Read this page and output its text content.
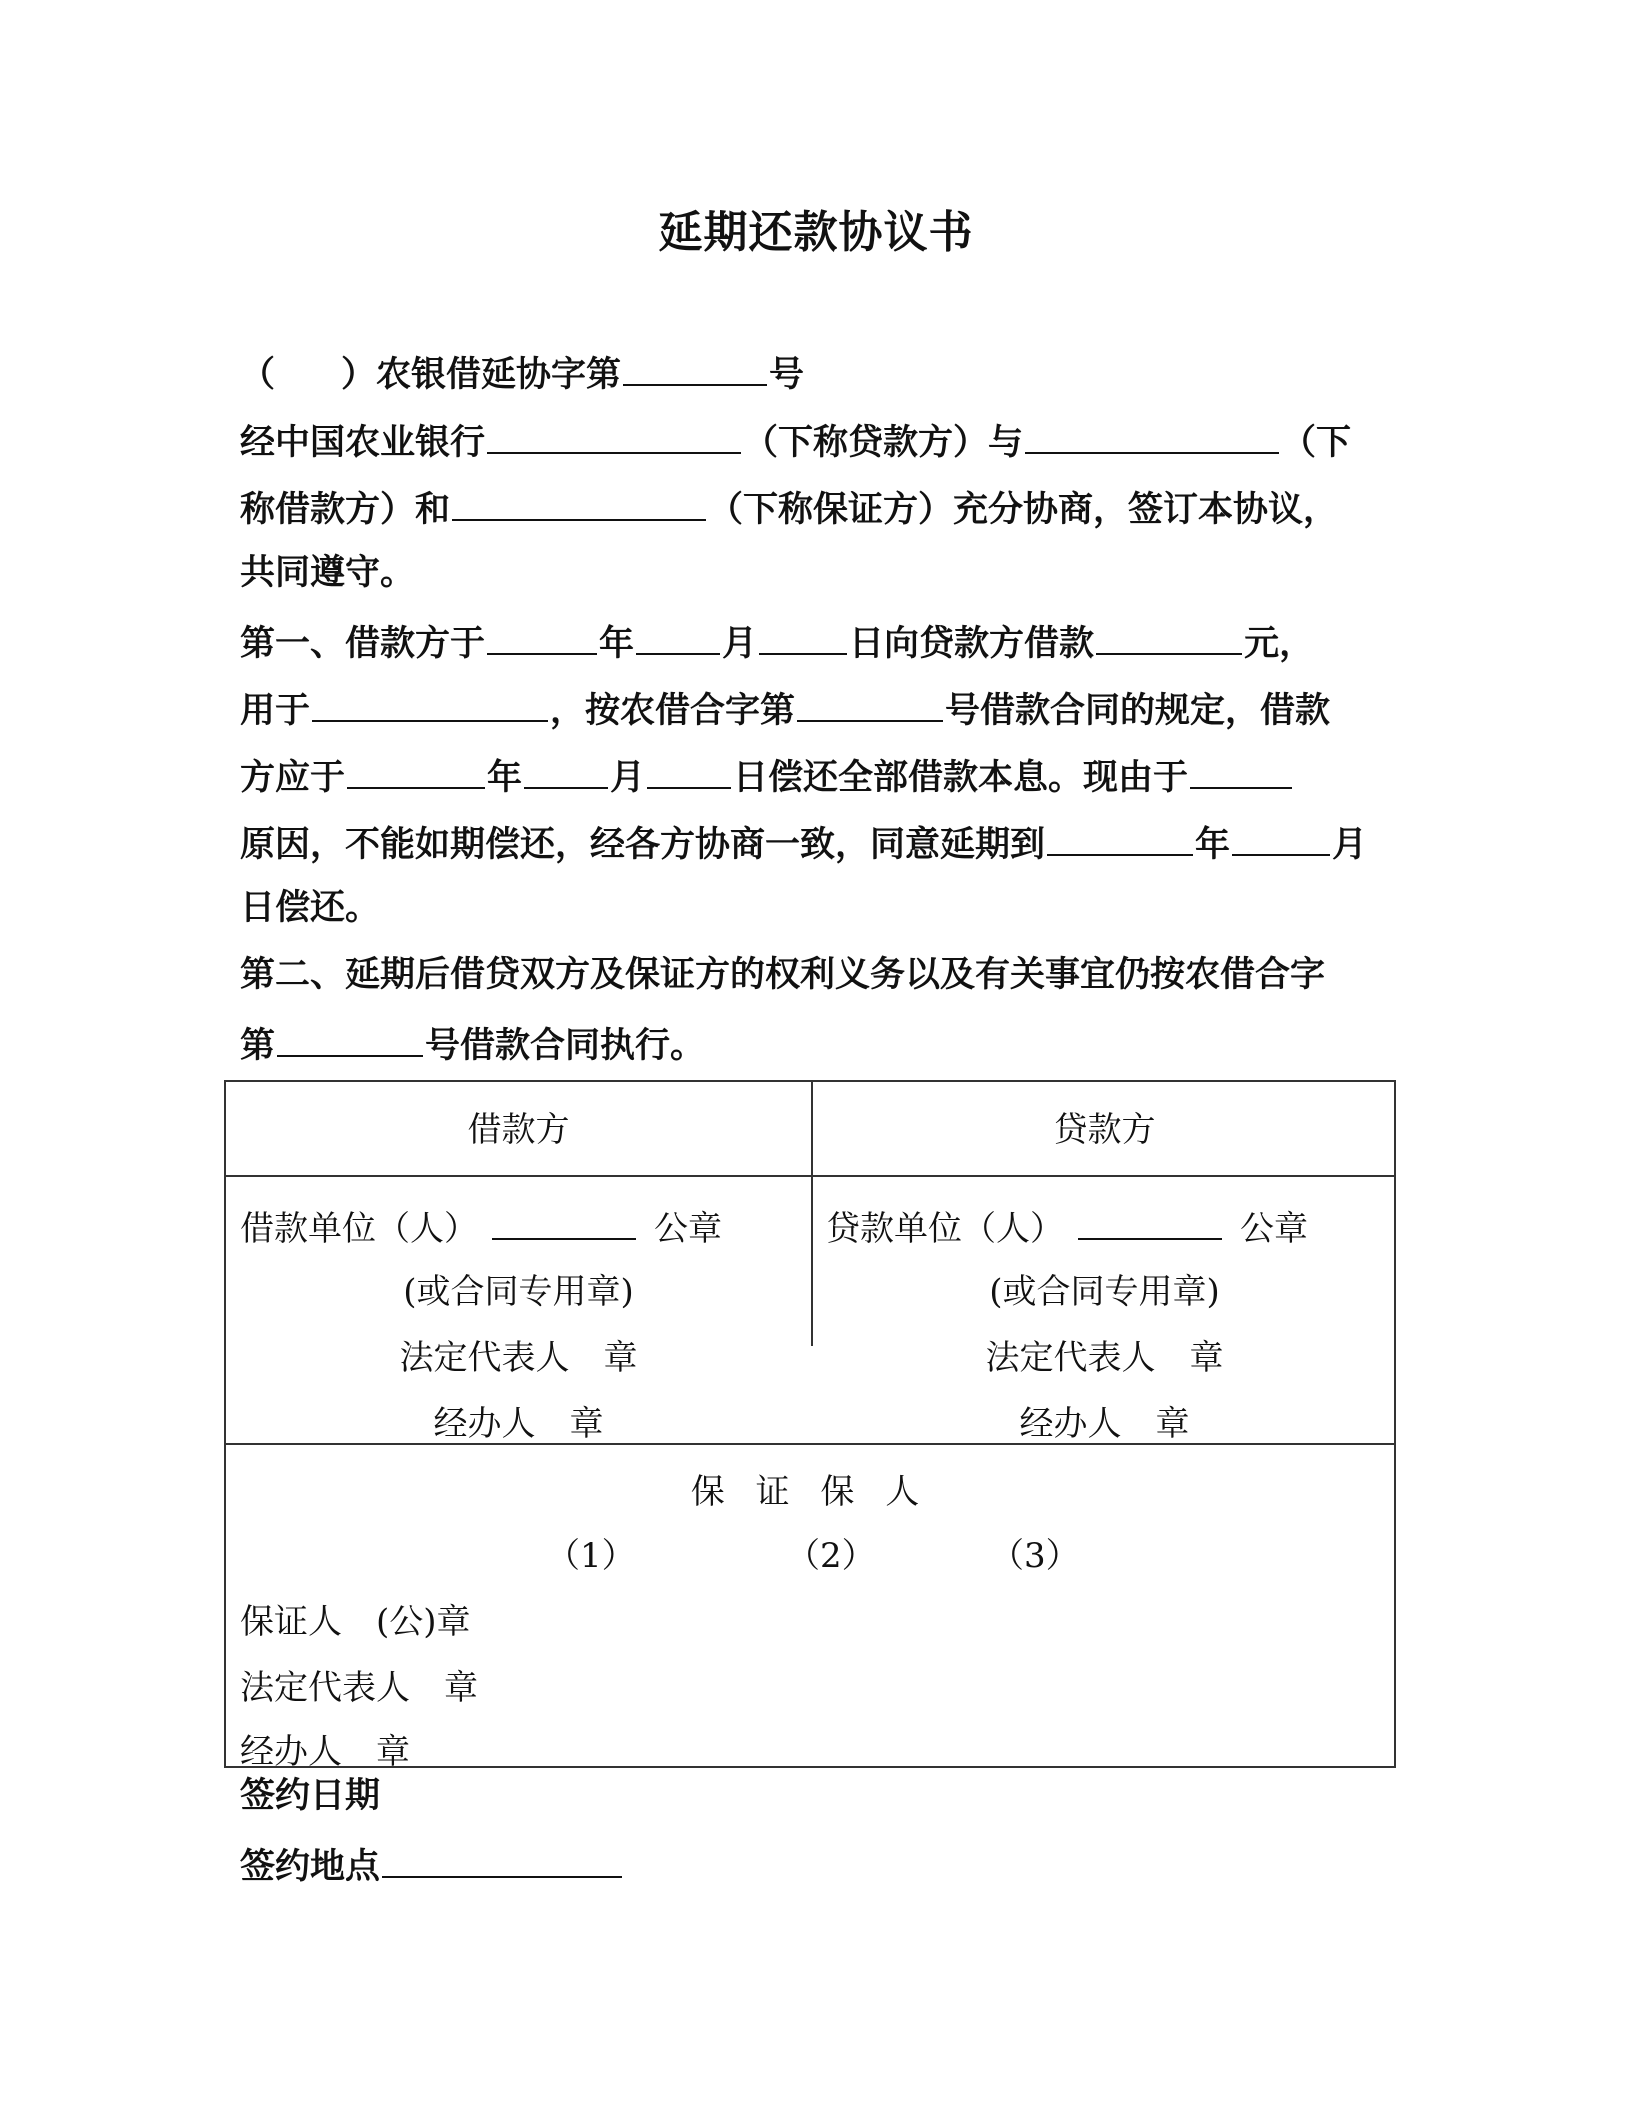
延期还款协议书

（ ）农银借延协字第	号

经中国农业银行	（下称贷款方）与	（下

称借款方）和	（下称保证方）充分协商，签订本协议，

共同遵守。

第一、借款方于	年	月	日向贷款方借款	元，

用于	，按农借合字第	号借款合同的规定，借款

方应于	年	月	日偿还全部借款本息。现由于

原因，不能如期偿还，经各方协商一致，同意延期到	年	月

日偿还。

第二、延期后借贷双方及保证方的权利义务以及有关事宜仍按农借合字

第	号借款合同执行。

借款方	贷款方
借款单位（人）	公章
(或合同专用章)
法定代表人　章
经办人　章
贷款单位（人）	公章
(或合同专用章)
法定代表人　章
经办人　章
保 证 保 人
（1）	（2）	（3）
保证人　(公)章
法定代表人　章
经办人　章

签约日期

签约地点
